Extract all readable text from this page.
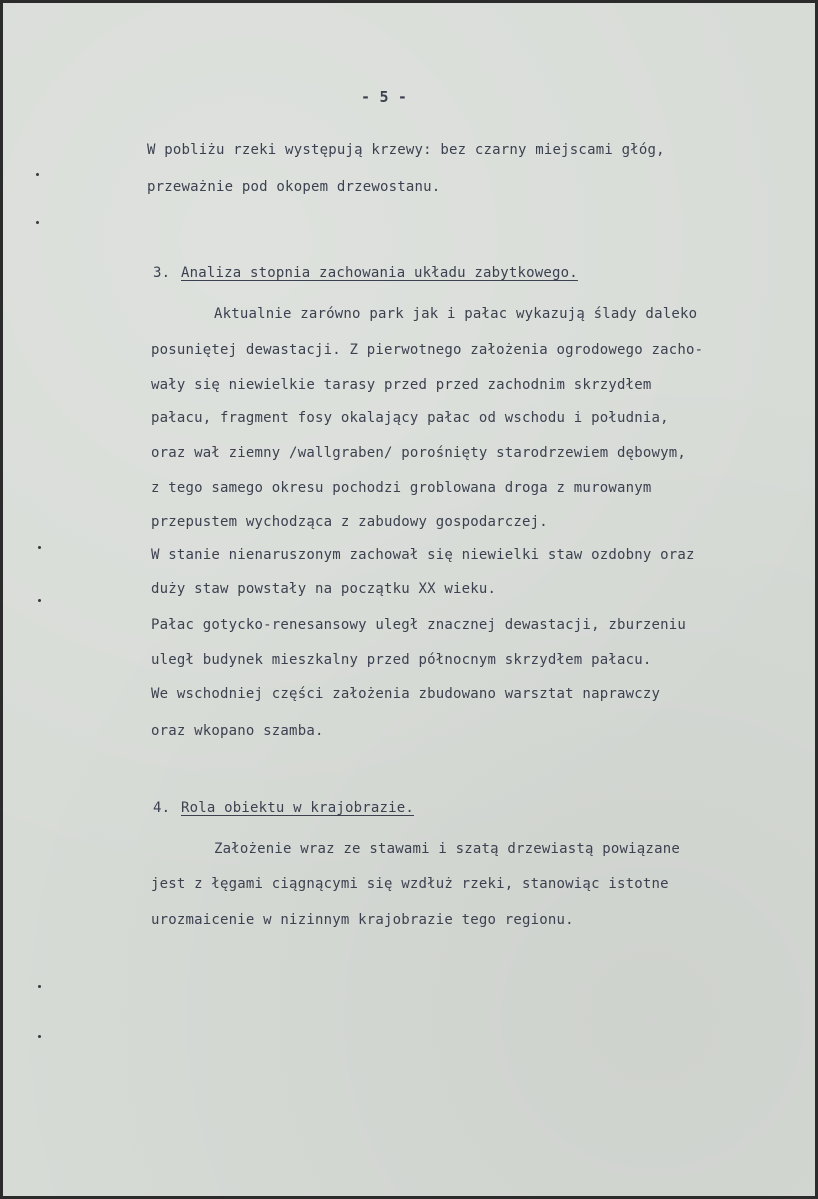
- 5 -
W pobliżu rzeki występują krzewy: bez czarny miejscami głóg,
przeważnie pod okopem drzewostanu.
3. Analiza stopnia zachowania układu zabytkowego.
Aktualnie zarówno park jak i pałac wykazują ślady daleko
posuniętej dewastacji. Z pierwotnego założenia ogrodowego zacho-
wały się niewielkie tarasy przed przed zachodnim skrzydłem
pałacu, fragment fosy okalający pałac od wschodu i południa,
oraz wał ziemny /wallgraben/ porośnięty starodrzewiem dębowym,
z tego samego okresu pochodzi groblowana droga z murowanym
przepustem wychodząca z zabudowy gospodarczej.
W stanie nienaruszonym zachował się niewielki staw ozdobny oraz
duży staw powstały na początku XX wieku.
Pałac gotycko-renesansowy uległ znacznej dewastacji, zburzeniu
uległ budynek mieszkalny przed północnym skrzydłem pałacu.
We wschodniej części założenia zbudowano warsztat naprawczy
oraz wkopano szamba.
4. Rola obiektu w krajobrazie.
Założenie wraz ze stawami i szatą drzewiastą powiązane
jest z łęgami ciągnącymi się wzdłuż rzeki, stanowiąc istotne
urozmaicenie w nizinnym krajobrazie tego regionu.
